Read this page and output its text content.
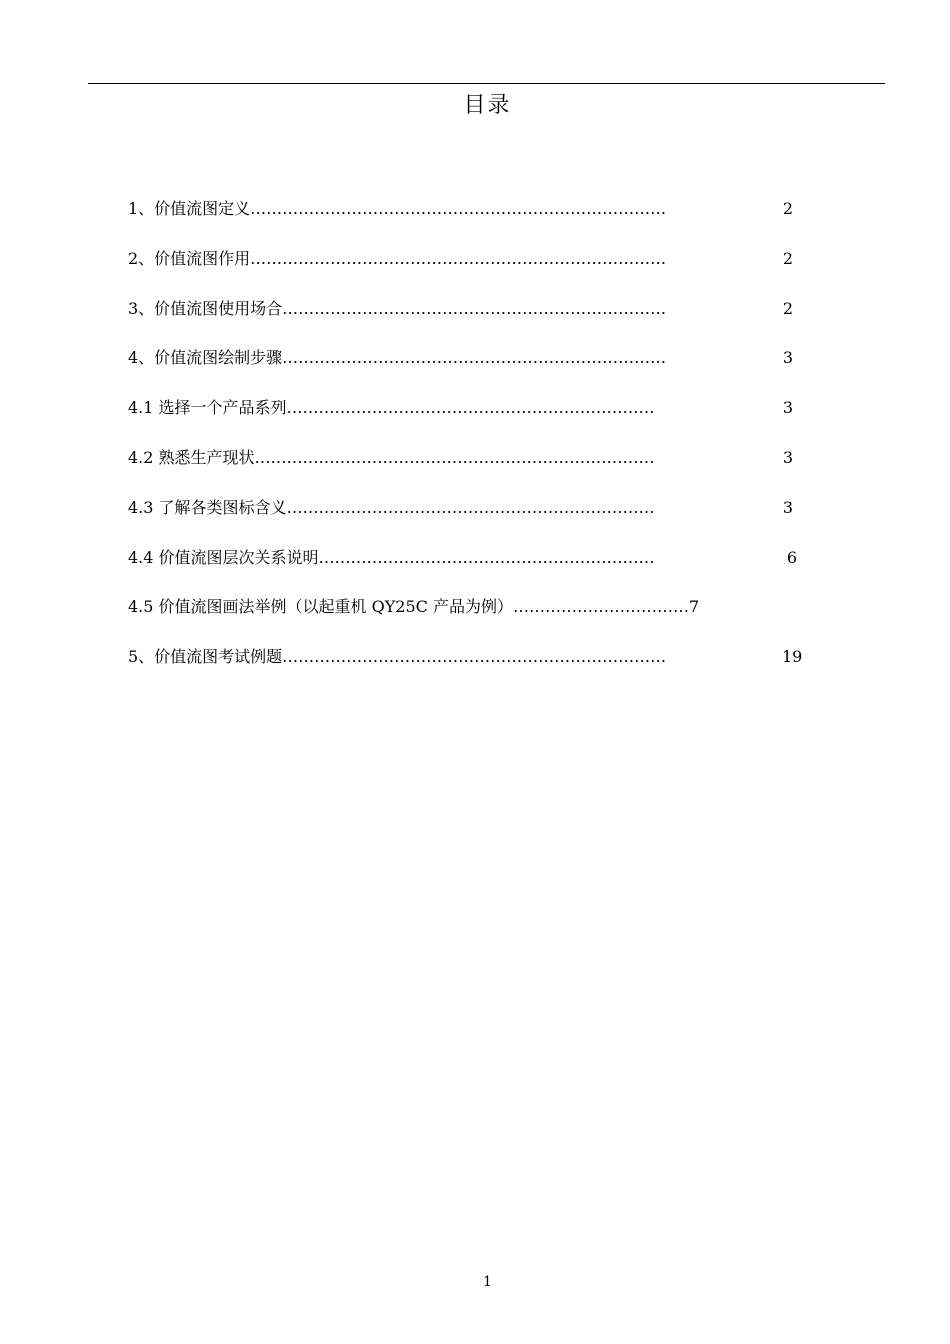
目录
1、价值流图定义……………………………………………………………………	2
2、价值流图作用……………………………………………………………………	2
3、价值流图使用场合………………………………………………………………	2
4、价值流图绘制步骤………………………………………………………………	3
4.1 选择一个产品系列……………………………………………………………	3
4.2 熟悉生产现状…………………………………………………………………	3
4.3 了解各类图标含义……………………………………………………………	3
4.4 价值流图层次关系说明………………………………………………………	6
4.5 价值流图画法举例（以起重机 QY25C 产品为例）……………………………7
5、价值流图考试例题………………………………………………………………	19
1
